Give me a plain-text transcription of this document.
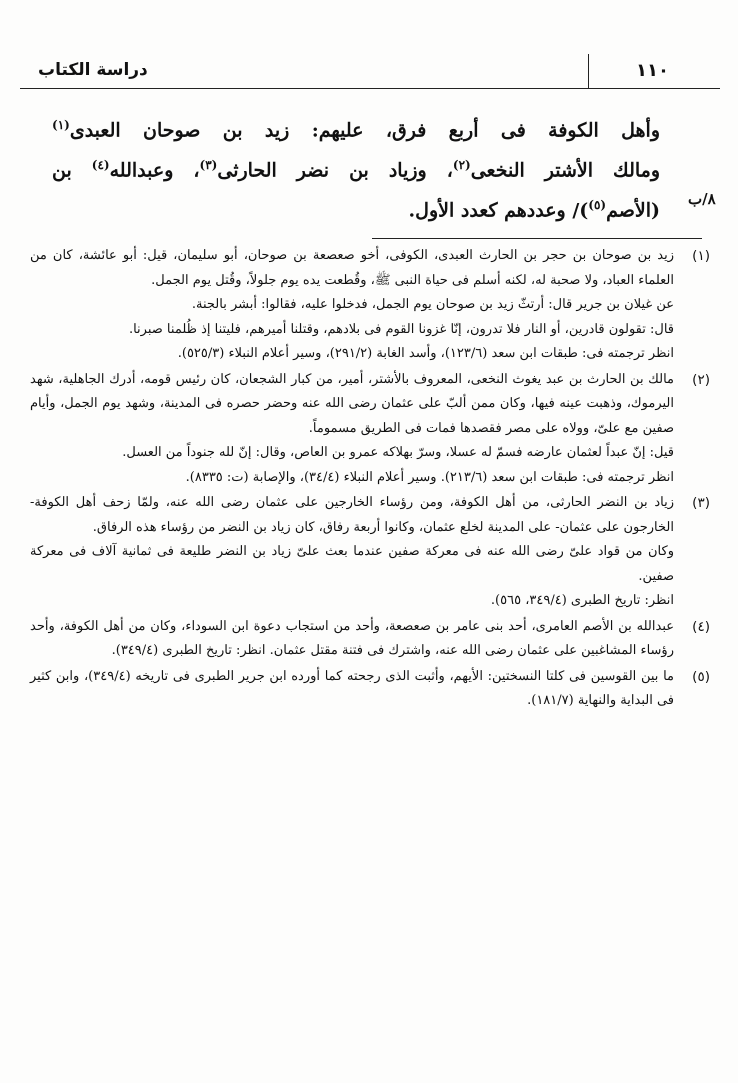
١١٠
دراسة الكتاب
وأهل الكوفة فى أربع فرق، عليهم: زيد بن صوحان العبدى$^{(١)}$
ومالك الأشتر النخعى$^{(٢)}$، وزياد بن نضر الحارثى$^{(٣)}$، وعبدالله$^{(٤)}$ بن
(الأصم$^{(٥)}$)/ وعددهم كعدد الأول.
٨/ب
(١)
زيد بن صوحان بن حجر بن الحارث العبدى، الكوفى، أخو صعصعة بن صوحان، أبو سليمان، قيل: أبو عائشة، كان من العلماء العباد، ولا صحبة له، لكنه أسلم فى حياة النبى ﷺ، وقُطعت يده يوم جلولاً، وقُتل يوم الجمل.
عن غيلان بن جرير قال: أرتثّ زيد بن صوحان يوم الجمل، فدخلوا عليه، فقالوا: أبشر بالجنة.
قال: تقولون قادرين، أو النار فلا تدرون، إنّا غزونا القوم فى بلادهم، وقتلنا أميرهم، فليتنا إذ ظُلمنا صبرنا.
انظر ترجمته فى: طبقات ابن سعد (١٢٣/٦)، وأسد الغابة (٢٩١/٢)، وسير أعلام النبلاء (٥٢٥/٣).
(٢)
مالك بن الحارث بن عبد يغوث النخعى، المعروف بالأشتر، أمير، من كبار الشجعان، كان رئيس قومه، أدرك الجاهلية، شهد اليرموك، وذهبت عينه فيها، وكان ممن ألبّ على عثمان رضى الله عنه وحضر حصره فى المدينة، وشهد يوم الجمل، وأيام صفين مع علىّ، وولاه على مصر فقصدها فمات فى الطريق مسموماً.
قيل: إنّ عبداً لعثمان عارضه فسمّ له عسلا، وسرّ بهلاكه عمرو بن العاص، وقال: إنّ لله جنوداً من العسل.
انظر ترجمته فى: طبقات ابن سعد (٢١٣/٦). وسير أعلام النبلاء (٣٤/٤)، والإصابة (ت: ٨٣٣٥).
(٣)
زياد بن النضر الحارثى، من أهل الكوفة، ومن رؤساء الخارجين على عثمان رضى الله عنه، ولمّا زحف أهل الكوفة- الخارجون على عثمان- على المدينة لخلع عثمان، وكانوا أربعة رفاق، كان زياد بن النضر من رؤساء هذه الرفاق.
وكان من قواد علىّ رضى الله عنه فى معركة صفين عندما بعث علىّ زياد بن النضر طليعة فى ثمانية آلاف فى معركة صفين.
انظر: تاريخ الطبرى (٣٤٩/٤، ٥٦٥).
(٤)
عبدالله بن الأصم العامرى، أحد بنى عامر بن صعصعة، وأحد من استجاب دعوة ابن السوداء، وكان من أهل الكوفة، وأحد رؤساء المشاغبين على عثمان رضى الله عنه، واشترك فى فتنة مقتل عثمان. انظر: تاريخ الطبرى (٣٤٩/٤).
(٥)
ما بين القوسين فى كلتا النسختين: الأيهم، وأثبت الذى رجحته كما أورده ابن جرير الطبرى فى تاريخه (٣٤٩/٤)، وابن كثير فى البداية والنهاية (١٨١/٧).
